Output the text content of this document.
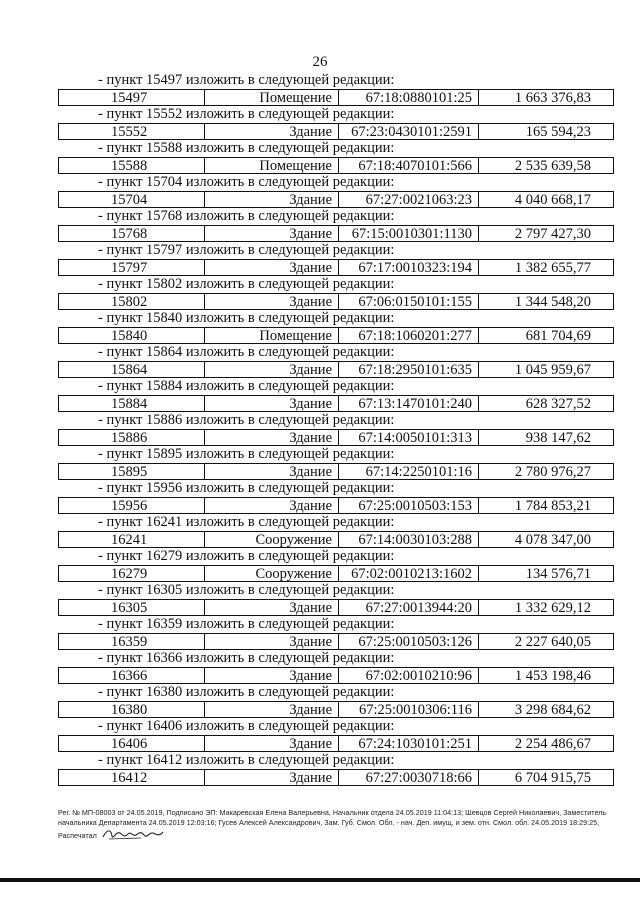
26
- пункт 15497 изложить в следующей редакции:
15497	Помещение	67:18:0880101:25	1 663 376,83
- пункт 15552 изложить в следующей редакции:
15552	Здание	67:23:0430101:2591	165 594,23
- пункт 15588 изложить в следующей редакции:
15588	Помещение	67:18:4070101:566	2 535 639,58
- пункт 15704 изложить в следующей редакции:
15704	Здание	67:27:0021063:23	4 040 668,17
- пункт 15768 изложить в следующей редакции:
15768	Здание	67:15:0010301:1130	2 797 427,30
- пункт 15797 изложить в следующей редакции:
15797	Здание	67:17:0010323:194	1 382 655,77
- пункт 15802 изложить в следующей редакции:
15802	Здание	67:06:0150101:155	1 344 548,20
- пункт 15840 изложить в следующей редакции:
15840	Помещение	67:18:1060201:277	681 704,69
- пункт 15864 изложить в следующей редакции:
15864	Здание	67:18:2950101:635	1 045 959,67
- пункт 15884 изложить в следующей редакции:
15884	Здание	67:13:1470101:240	628 327,52
- пункт 15886 изложить в следующей редакции:
15886	Здание	67:14:0050101:313	938 147,62
- пункт 15895 изложить в следующей редакции:
15895	Здание	67:14:2250101:16	2 780 976,27
- пункт 15956 изложить в следующей редакции:
15956	Здание	67:25:0010503:153	1 784 853,21
- пункт 16241 изложить в следующей редакции:
16241	Сооружение	67:14:0030103:288	4 078 347,00
- пункт 16279 изложить в следующей редакции:
16279	Сооружение	67:02:0010213:1602	134 576,71
- пункт 16305 изложить в следующей редакции:
16305	Здание	67:27:0013944:20	1 332 629,12
- пункт 16359 изложить в следующей редакции:
16359	Здание	67:25:0010503:126	2 227 640,05
- пункт 16366 изложить в следующей редакции:
16366	Здание	67:02:0010210:96	1 453 198,46
- пункт 16380 изложить в следующей редакции:
16380	Здание	67:25:0010306:116	3 298 684,62
- пункт 16406 изложить в следующей редакции:
16406	Здание	67:24:1030101:251	2 254 486,67
- пункт 16412 изложить в следующей редакции:
16412	Здание	67:27:0030718:66	6 704 915,75
Рег. № МП-08003 от 24.05.2019, Подписано ЭП: Макаревская Елена Валерьевна, Начальник отдела 24.05.2019 11:04:13; Шевцов Сергей Николаевич, Заместитель начальника Департамента 24.05.2019 12:03:16; Гусев Алексей Александрович, Зам. Губ. Смол. Обл. - нач. Деп. имущ. и зем. отн. Смол. обл. 24.05.2019 18:29:25, Распечатал
